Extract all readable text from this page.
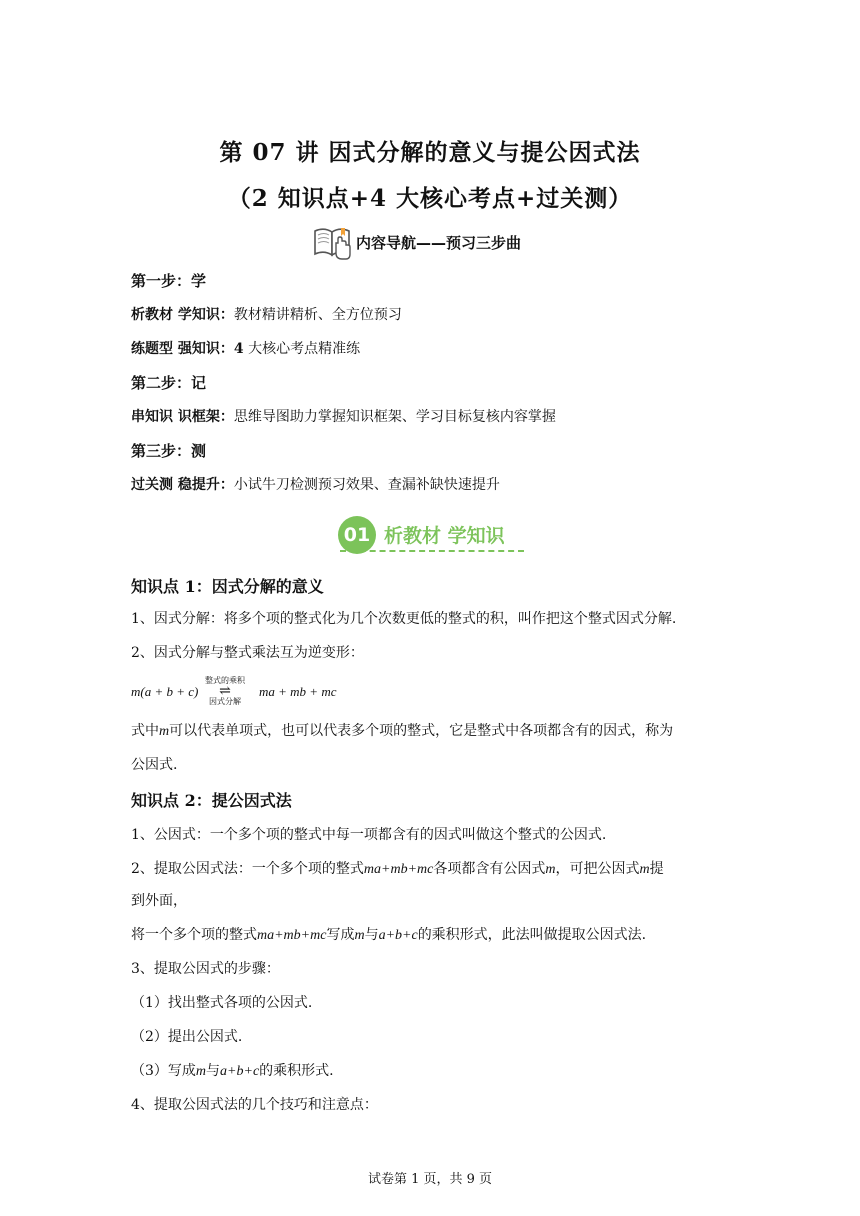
第 07 讲 因式分解的意义与提公因式法
（2 知识点+4 大核心考点+过关测）
内容导航——预习三步曲
第一步：学
析教材 学知识：教材精讲精析、全方位预习
练题型 强知识：4 大核心考点精准练
第二步：记
串知识 识框架：思维导图助力掌握知识框架、学习目标复核内容掌握
第三步：测
过关测 稳提升：小试牛刀检测预习效果、查漏补缺快速提升
01 析教材 学知识
知识点 1：因式分解的意义
1、因式分解：将多个项的整式化为几个次数更低的整式的积，叫作把这个整式因式分解.
2、因式分解与整式乘法互为逆变形：
m(a + b + c)
整式的乘积
⇌
因式分解
ma + mb + mc
式中m可以代表单项式，也可以代表多个项的整式，它是整式中各项都含有的因式，称为
公因式.
知识点 2：提公因式法
1、公因式：一个多个项的整式中每一项都含有的因式叫做这个整式的公因式.
2、提取公因式法：一个多个项的整式ma+mb+mc各项都含有公因式m，可把公因式m提
到外面，
将一个多个项的整式ma+mb+mc写成m与a+b+c的乘积形式，此法叫做提取公因式法.
3、提取公因式的步骤：
（1）找出整式各项的公因式.
（2）提出公因式.
（3）写成m与a+b+c的乘积形式.
4、提取公因式法的几个技巧和注意点：
试卷第 1 页，共 9 页
